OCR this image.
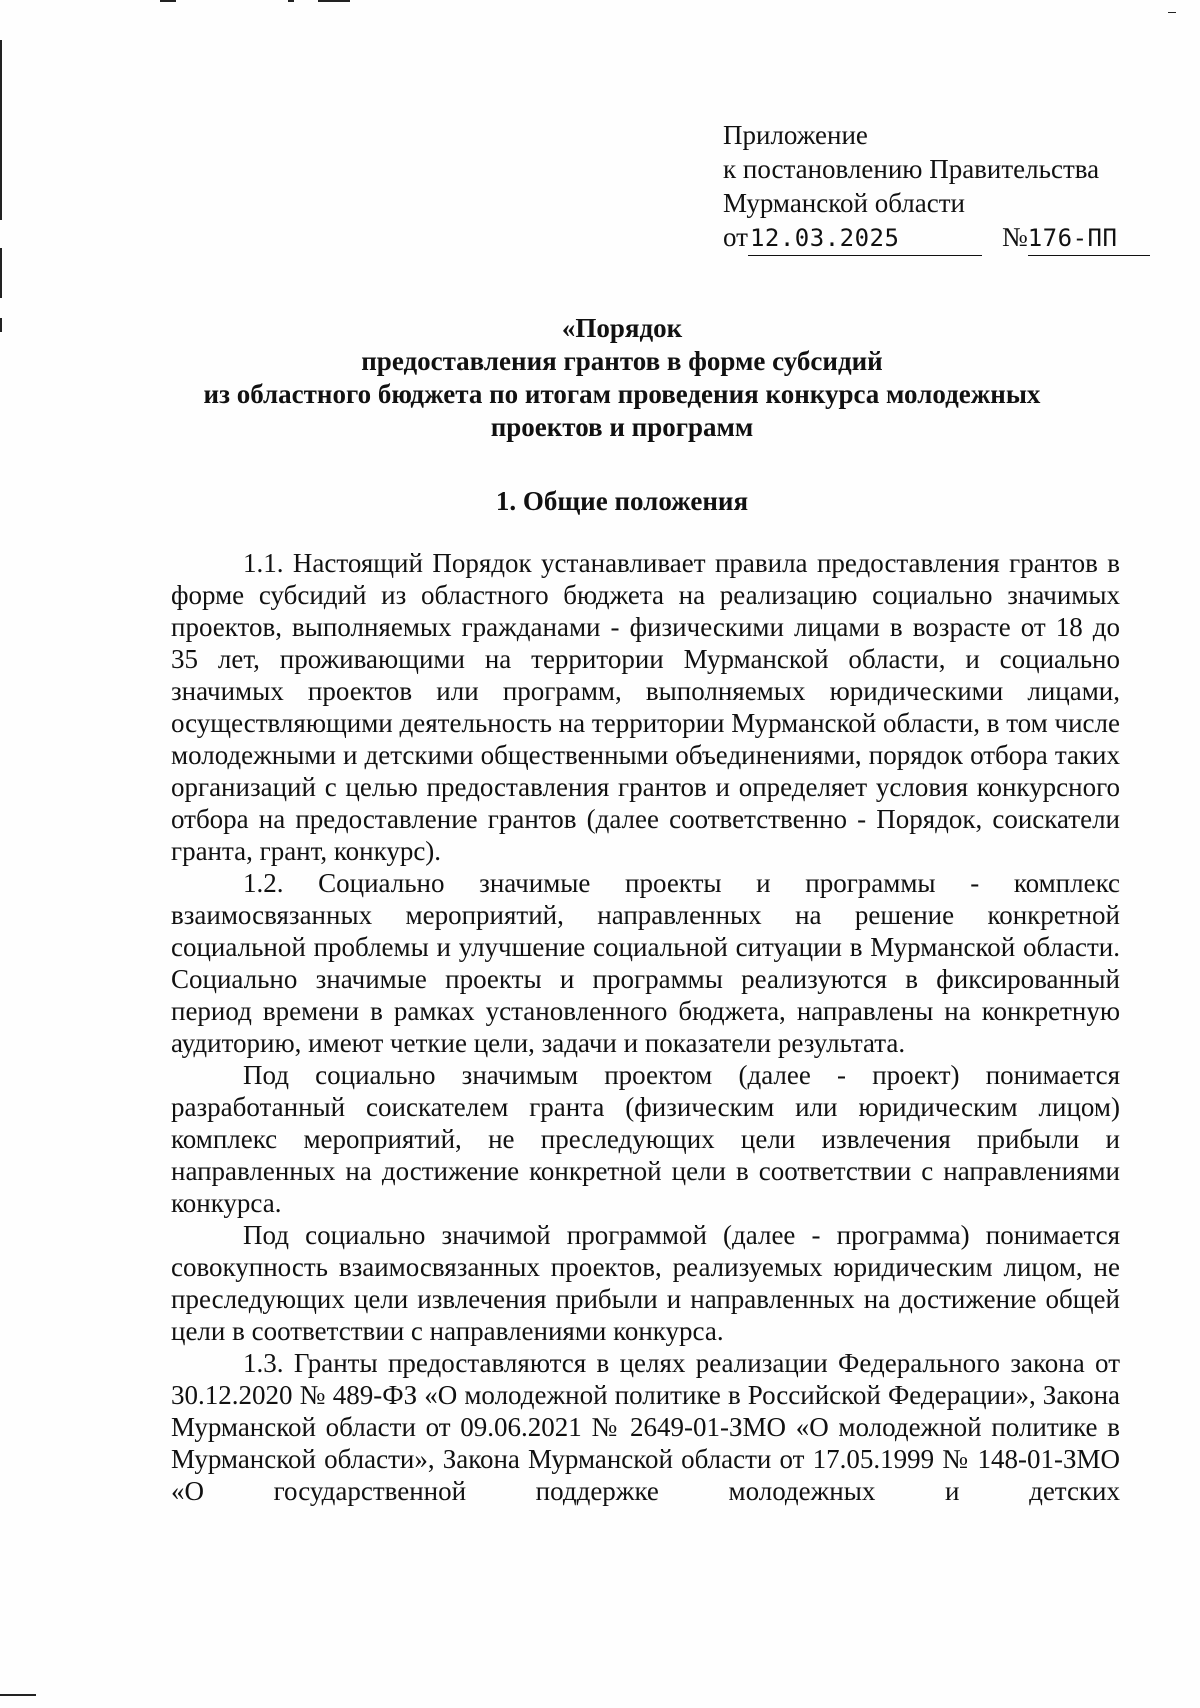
Приложение
к постановлению Правительства
Мурманской области
от 12.03.2025	№ 176-ПП
«Порядок
предоставления грантов в форме субсидий
из областного бюджета по итогам проведения конкурса молодежных
проектов и программ
1. Общие положения

1.1. Настоящий Порядок устанавливает правила предоставления грантов в форме субсидий из областного бюджета на реализацию социально значимых проектов, выполняемых гражданами - физическими лицами в возрасте от 18 до 35 лет, проживающими на территории Мурманской области, и социально значимых проектов или программ, выполняемых юридическими лицами, осуществляющими деятельность на территории Мурманской области, в том числе молодежными и детскими общественными объединениями, порядок отбора таких организаций с целью предоставления грантов и определяет условия конкурсного отбора на предоставление грантов (далее соответственно - Порядок, соискатели гранта, грант, конкурс).

1.2. Социально значимые проекты и программы - комплекс взаимосвязанных мероприятий, направленных на решение конкретной социальной проблемы и улучшение социальной ситуации в Мурманской области. Социально значимые проекты и программы реализуются в фиксированный период времени в рамках установленного бюджета, направлены на конкретную аудиторию, имеют четкие цели, задачи и показатели результата.

Под социально значимым проектом (далее - проект) понимается разработанный соискателем гранта (физическим или юридическим лицом) комплекс мероприятий, не преследующих цели извлечения прибыли и направленных на достижение конкретной цели в соответствии с направлениями конкурса.

Под социально значимой программой (далее - программа) понимается совокупность взаимосвязанных проектов, реализуемых юридическим лицом, не преследующих цели извлечения прибыли и направленных на достижение общей цели в соответствии с направлениями конкурса.

1.3. Гранты предоставляются в целях реализации Федерального закона от 30.12.2020 № 489-ФЗ «О молодежной политике в Российской Федерации», Закона Мурманской области от 09.06.2021 № 2649-01-ЗМО «О молодежной политике в Мурманской области», Закона Мурманской области от 17.05.1999 № 148-01-ЗМО «О государственной поддержке молодежных и детских
